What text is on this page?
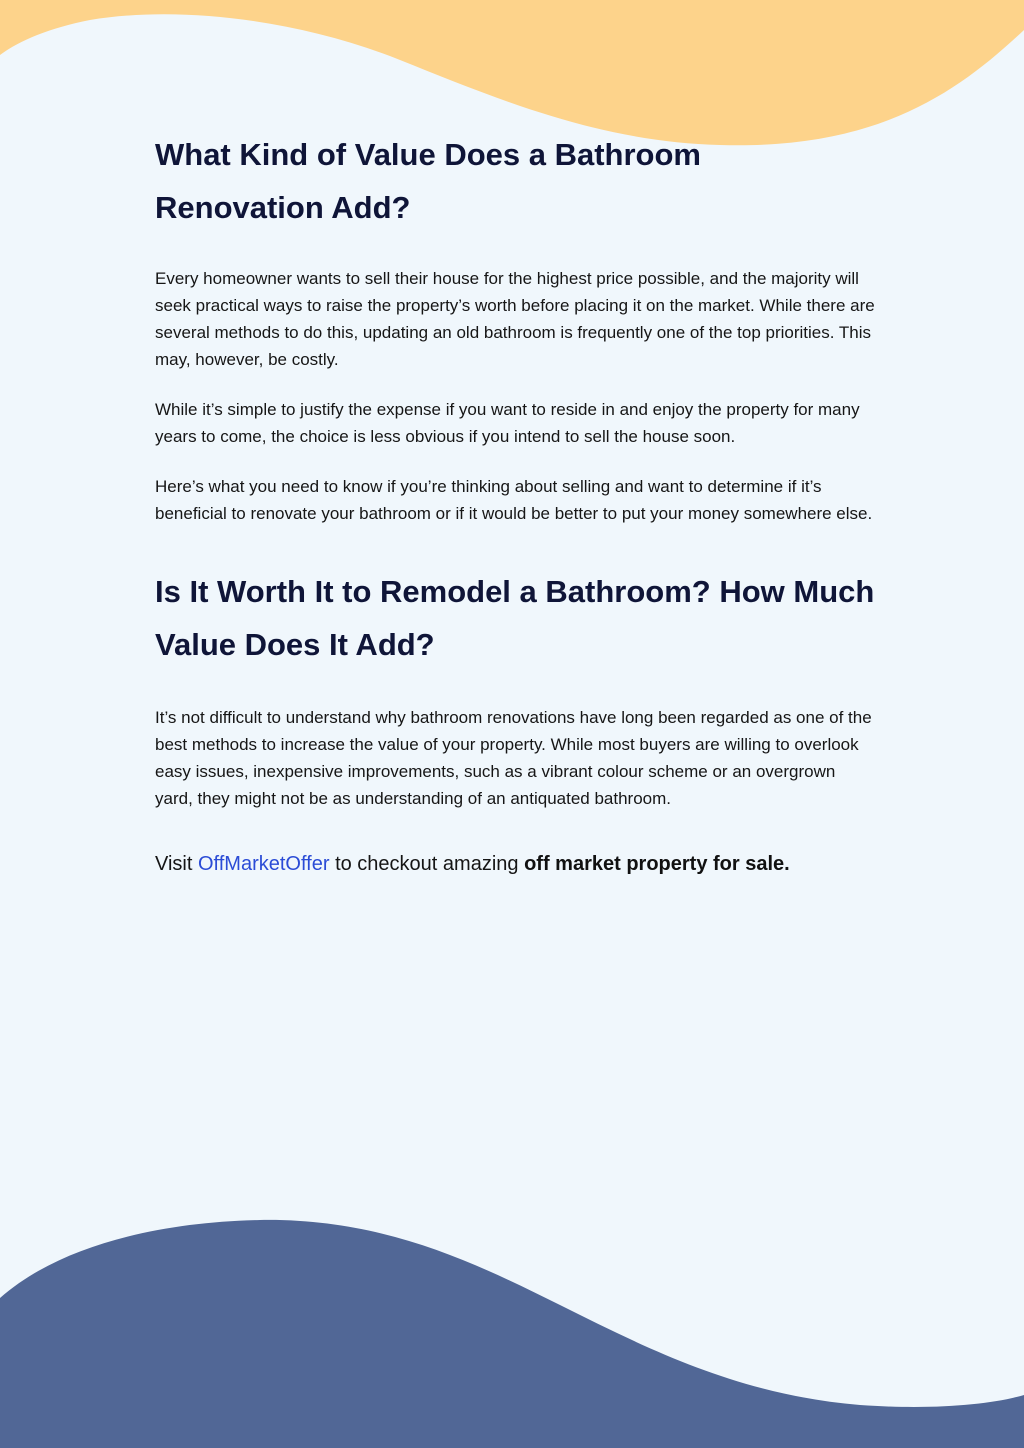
What Kind of Value Does a Bathroom Renovation Add?

Every homeowner wants to sell their house for the highest price possible, and the majority will seek practical ways to raise the property’s worth before placing it on the market. While there are several methods to do this, updating an old bathroom is frequently one of the top priorities. This may, however, be costly.

While it’s simple to justify the expense if you want to reside in and enjoy the property for many years to come, the choice is less obvious if you intend to sell the house soon.

Here’s what you need to know if you’re thinking about selling and want to determine if it’s beneficial to renovate your bathroom or if it would be better to put your money somewhere else.

Is It Worth It to Remodel a Bathroom? How Much Value Does It Add?

It’s not difficult to understand why bathroom renovations have long been regarded as one of the best methods to increase the value of your property. While most buyers are willing to overlook easy issues, inexpensive improvements, such as a vibrant colour scheme or an overgrown yard, they might not be as understanding of an antiquated bathroom.

Visit OffMarketOffer to checkout amazing off market property for sale.
